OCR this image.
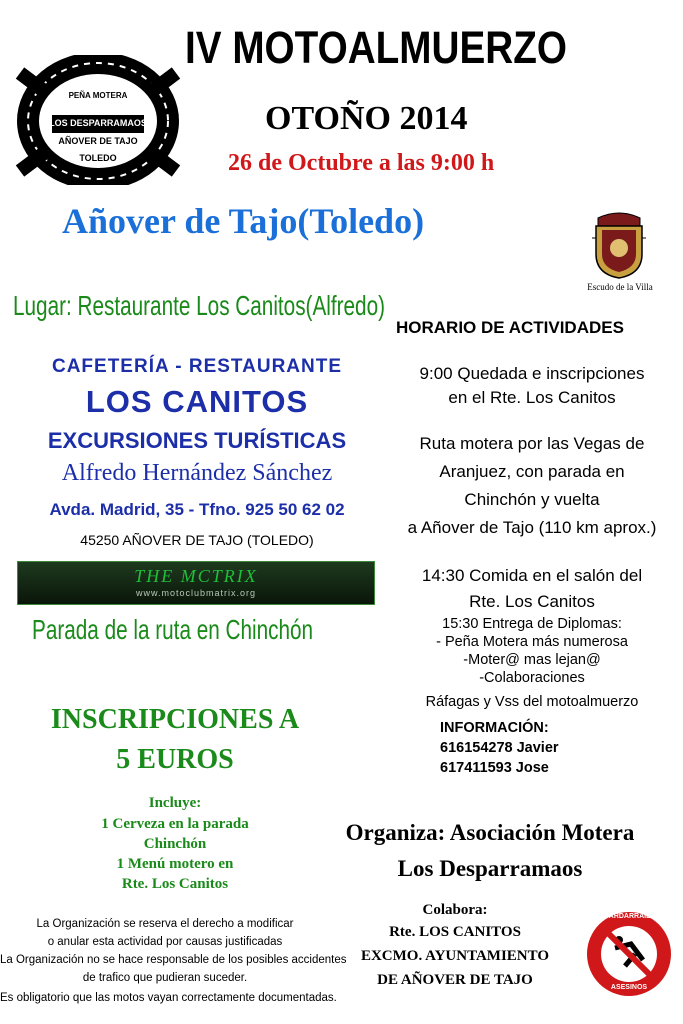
PEÑA MOTERA
LOS DESPARRAMAOS
AÑOVER DE TAJO
TOLEDO
IV MOTOALMUERZO
OTOÑO 2014
26 de Octubre a las 9:00 h
Añover de Tajo(Toledo)
Escudo de la Villa
Lugar: Restaurante Los Canitos(Alfredo)
CAFETERÍA - RESTAURANTE
LOS CANITOS
EXCURSIONES TURÍSTICAS
Alfredo Hernández Sánchez
Avda. Madrid, 35 - Tfno. 925 50 62 02
45250 AÑOVER DE TAJO (TOLEDO)
THE MCTRIX
www.motoclubmatrix.org
Parada de la ruta en Chinchón
INSCRIPCIONES A
5 EUROS
Incluye:
1 Cerveza en la parada
Chinchón
1 Menú motero en
Rte. Los Canitos
La Organización se reserva el derecho a modificar
o anular esta actividad por causas justificadas
La Organización no se hace responsable de los posibles accidentes
de trafico que pudieran suceder.
Es obligatorio que las motos vayan correctamente documentadas.
HORARIO DE ACTIVIDADES
9:00 Quedada e inscripciones
en el Rte. Los Canitos
Ruta motera por las Vegas de
Aranjuez, con parada en
Chinchón y vuelta
a Añover de Tajo (110 km aprox.)
14:30 Comida en el salón del
Rte. Los Canitos
15:30 Entrega de Diplomas:
- Peña Motera más numerosa
-Moter@ mas lejan@
-Colaboraciones
Ráfagas y Vss del motoalmuerzo
INFORMACIÓN:
616154278 Javier
617411593 Jose
Organiza: Asociación Motera
Los Desparramaos
Colabora:
Rte. LOS CANITOS
EXCMO. AYUNTAMIENTO
DE AÑOVER DE TAJO
GUARDARRAILES
ASESINOS
